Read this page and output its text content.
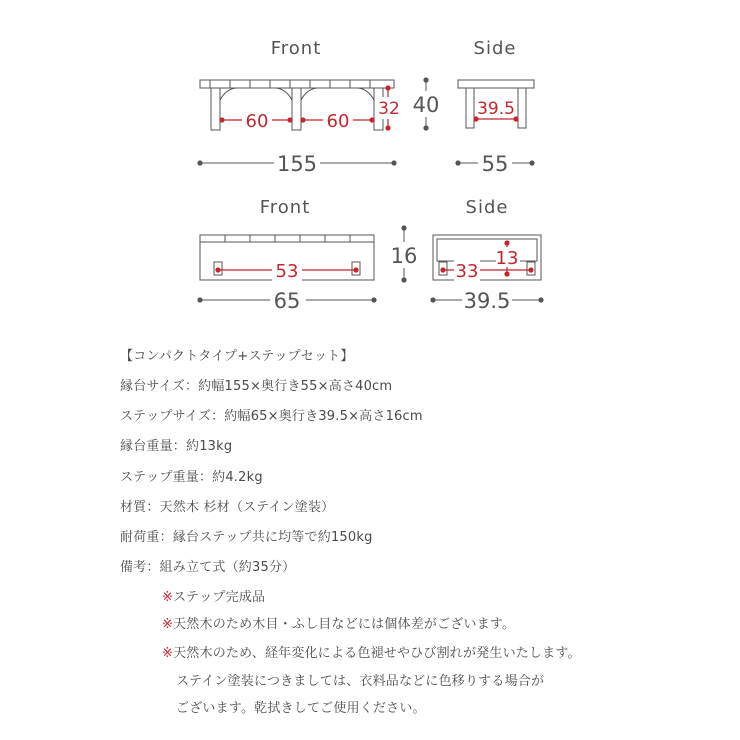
Front
60	60
32 40
155
Side
39.5
55
Front
53
16
65
Side
33
13
39.5
【コンパクトタイプ+ステップセット】
縁台サイズ：約幅155×奥行き55×高さ40cm
ステップサイズ：約幅65×奥行き39.5×高さ16cm
縁台重量：約13kg
ステップ重量：約4.2kg
材質：天然木 杉材（ステイン塗装）
耐荷重：縁台ステップ共に均等で約150kg
備考：組み立て式（約35分）
※ステップ完成品
※天然木のため木目・ふし目などには個体差がございます。
※天然木のため、経年変化による色褪せやひび割れが発生いたします。
ステイン塗装につきましては、衣料品などに色移りする場合が
ございます。乾拭きしてご使用ください。
